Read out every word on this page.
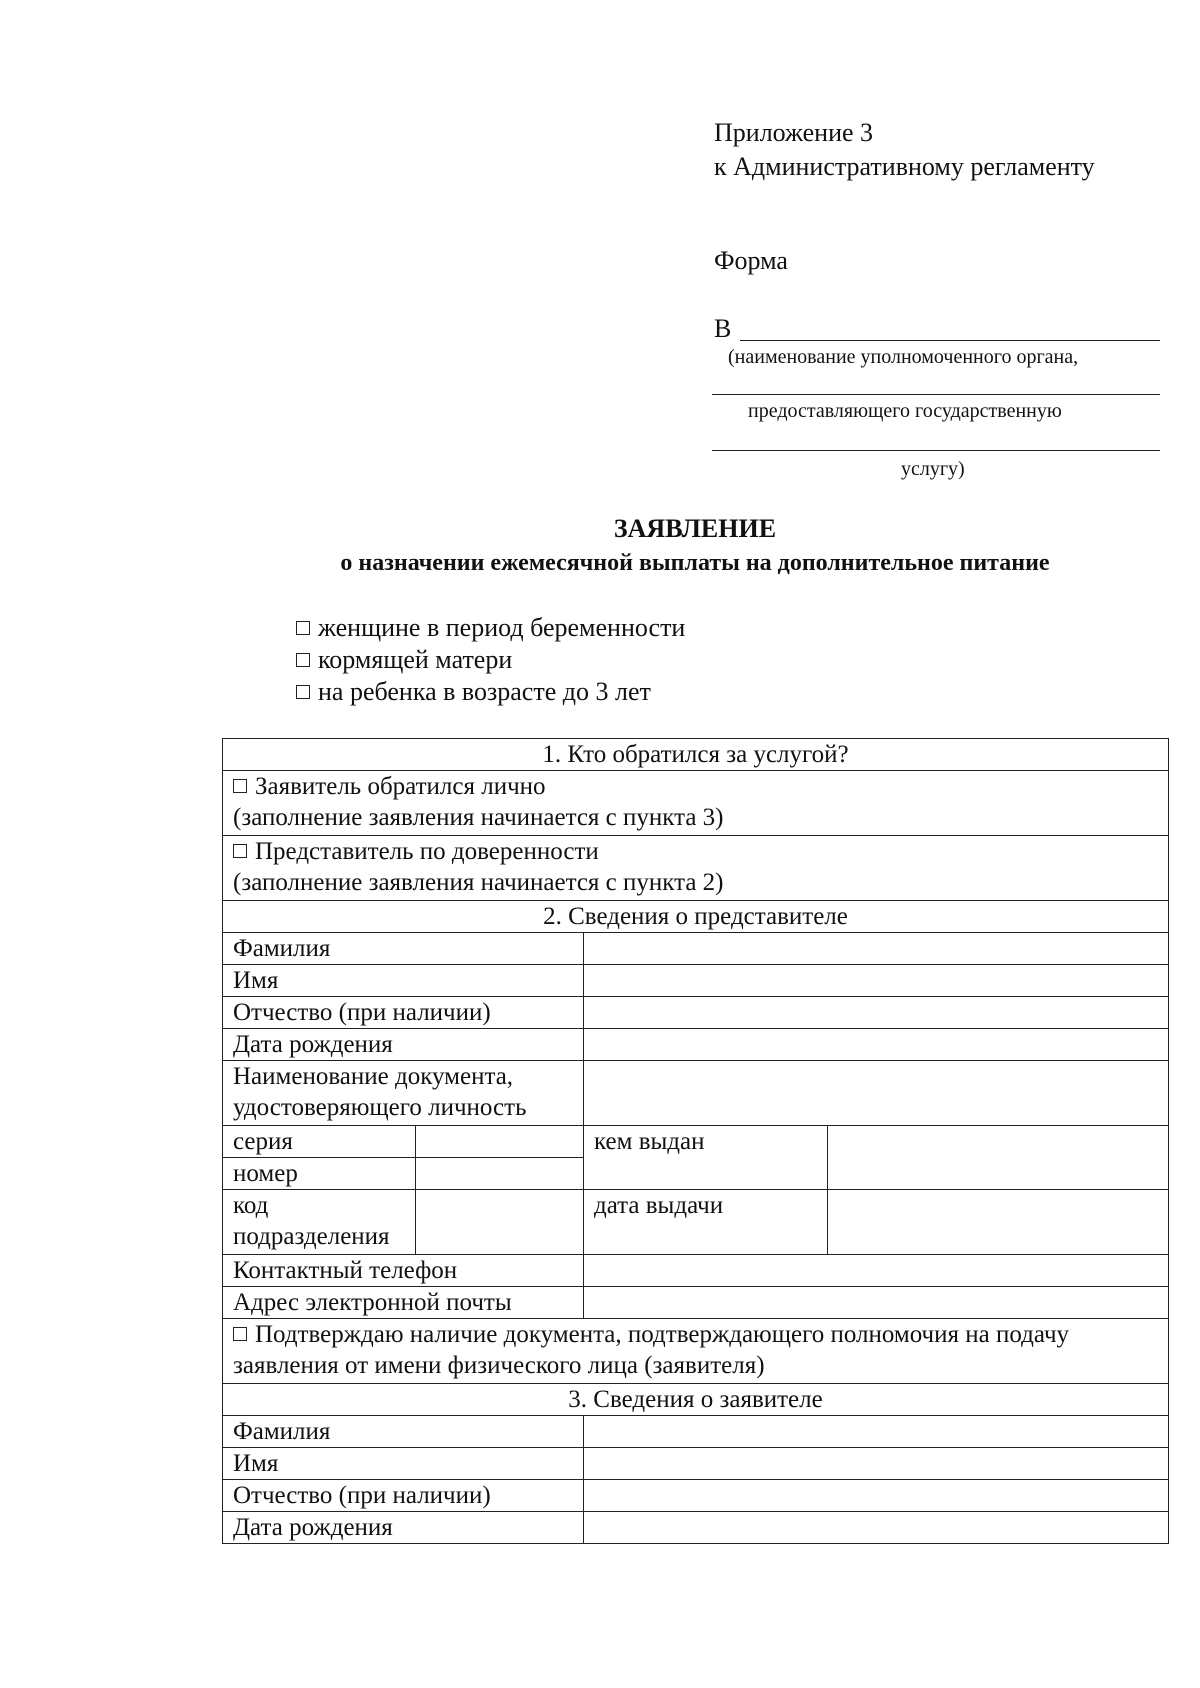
Приложение 3
к Административному регламенту
Форма
В
(наименование уполномоченного органа,
предоставляющего государственную
услугу)
ЗАЯВЛЕНИЕ
о назначении ежемесячной выплаты на дополнительное питание
женщине в период беременности
кормящей матери
на ребенка в возрасте до 3 лет
1. Кто обратился за услугой?			
Заявитель обратился лично
(заполнение заявления начинается с пункта 3)			
Представитель по доверенности
(заполнение заявления начинается с пункта 2)			
2. Сведения о представителе			
Фамилия			
Имя			
Отчество (при наличии)			
Дата рождения			
Наименование документа, удостоверяющего личность			
серия		кем выдан	
номер			
код подразделения		дата выдачи	
Контактный телефон			
Адрес электронной почты			
Подтверждаю наличие документа, подтверждающего полномочия на подачу заявления от имени физического лица (заявителя)			
3. Сведения о заявителе			
Фамилия			
Имя			
Отчество (при наличии)			
Дата рождения			
